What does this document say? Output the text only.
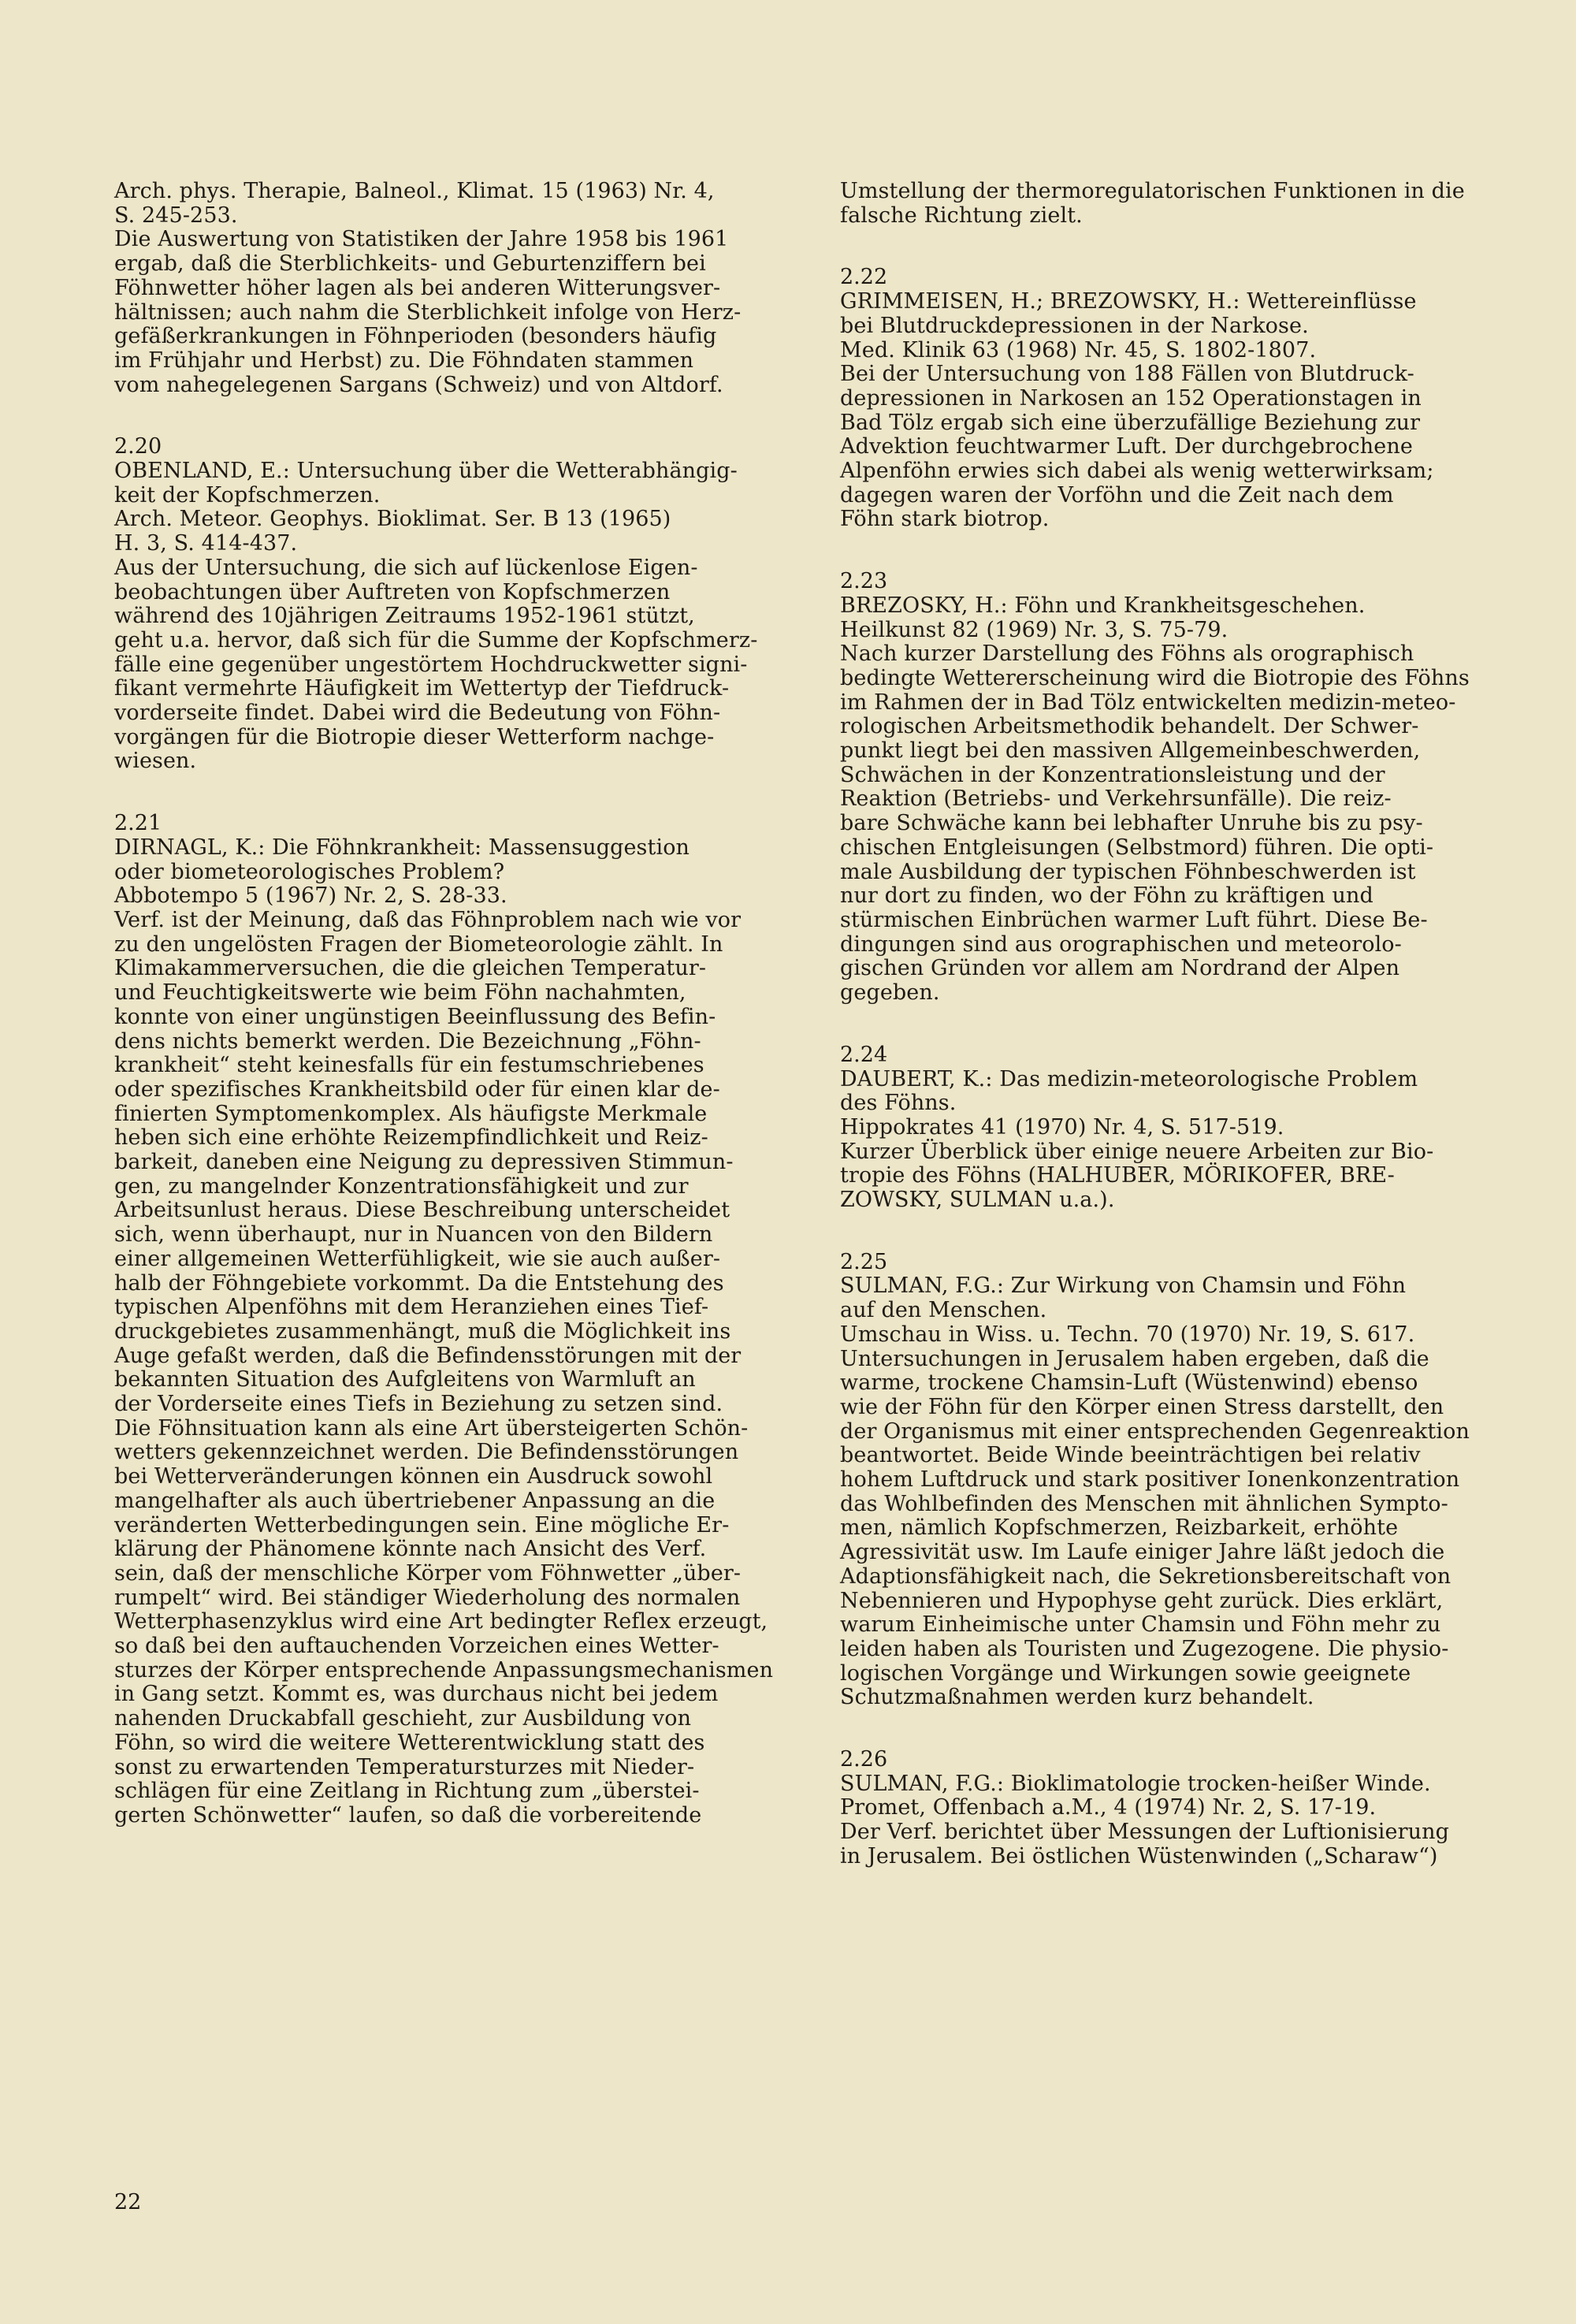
Arch. phys. Therapie, Balneol., Klimat. 15 (1963) Nr. 4,
S. 245-253.
Die Auswertung von Statistiken der Jahre 1958 bis 1961
ergab, daß die Sterblichkeits- und Geburtenziffern bei
Föhnwetter höher lagen als bei anderen Witterungsver-
hältnissen; auch nahm die Sterblichkeit infolge von Herz-
gefäßerkrankungen in Föhnperioden (besonders häufig
im Frühjahr und Herbst) zu. Die Föhndaten stammen
vom nahegelegenen Sargans (Schweiz) und von Altdorf.
2.20
OBENLAND, E.: Untersuchung über die Wetterabhängig-
keit der Kopfschmerzen.
Arch. Meteor. Geophys. Bioklimat. Ser. B 13 (1965)
H. 3, S. 414-437.
Aus der Untersuchung, die sich auf lückenlose Eigen-
beobachtungen über Auftreten von Kopfschmerzen
während des 10jährigen Zeitraums 1952-1961 stützt,
geht u.a. hervor, daß sich für die Summe der Kopfschmerz-
fälle eine gegenüber ungestörtem Hochdruckwetter signi-
fikant vermehrte Häufigkeit im Wettertyp der Tiefdruck-
vorderseite findet. Dabei wird die Bedeutung von Föhn-
vorgängen für die Biotropie dieser Wetterform nachge-
wiesen.
2.21
DIRNAGL, K.: Die Föhnkrankheit: Massensuggestion
oder biometeorologisches Problem?
Abbotempo 5 (1967) Nr. 2, S. 28-33.
Verf. ist der Meinung, daß das Föhnproblem nach wie vor
zu den ungelösten Fragen der Biometeorologie zählt. In
Klimakammerversuchen, die die gleichen Temperatur-
und Feuchtigkeitswerte wie beim Föhn nachahmten,
konnte von einer ungünstigen Beeinflussung des Befin-
dens nichts bemerkt werden. Die Bezeichnung „Föhn-
krankheit“ steht keinesfalls für ein festumschriebenes
oder spezifisches Krankheitsbild oder für einen klar de-
finierten Symptomenkomplex. Als häufigste Merkmale
heben sich eine erhöhte Reizempfindlichkeit und Reiz-
barkeit, daneben eine Neigung zu depressiven Stimmun-
gen, zu mangelnder Konzentrationsfähigkeit und zur
Arbeitsunlust heraus. Diese Beschreibung unterscheidet
sich, wenn überhaupt, nur in Nuancen von den Bildern
einer allgemeinen Wetterfühligkeit, wie sie auch außer-
halb der Föhngebiete vorkommt. Da die Entstehung des
typischen Alpenföhns mit dem Heranziehen eines Tief-
druckgebietes zusammenhängt, muß die Möglichkeit ins
Auge gefaßt werden, daß die Befindensstörungen mit der
bekannten Situation des Aufgleitens von Warmluft an
der Vorderseite eines Tiefs in Beziehung zu setzen sind.
Die Föhnsituation kann als eine Art übersteigerten Schön-
wetters gekennzeichnet werden. Die Befindensstörungen
bei Wetterveränderungen können ein Ausdruck sowohl
mangelhafter als auch übertriebener Anpassung an die
veränderten Wetterbedingungen sein. Eine mögliche Er-
klärung der Phänomene könnte nach Ansicht des Verf.
sein, daß der menschliche Körper vom Föhnwetter „über-
rumpelt“ wird. Bei ständiger Wiederholung des normalen
Wetterphasenzyklus wird eine Art bedingter Reflex erzeugt,
so daß bei den auftauchenden Vorzeichen eines Wetter-
sturzes der Körper entsprechende Anpassungsmechanismen
in Gang setzt. Kommt es, was durchaus nicht bei jedem
nahenden Druckabfall geschieht, zur Ausbildung von
Föhn, so wird die weitere Wetterentwicklung statt des
sonst zu erwartenden Temperatursturzes mit Nieder-
schlägen für eine Zeitlang in Richtung zum „überstei-
gerten Schönwetter“ laufen, so daß die vorbereitende
Umstellung der thermoregulatorischen Funktionen in die
falsche Richtung zielt.
2.22
GRIMMEISEN, H.; BREZOWSKY, H.: Wettereinflüsse
bei Blutdruckdepressionen in der Narkose.
Med. Klinik 63 (1968) Nr. 45, S. 1802-1807.
Bei der Untersuchung von 188 Fällen von Blutdruck-
depressionen in Narkosen an 152 Operationstagen in
Bad Tölz ergab sich eine überzufällige Beziehung zur
Advektion feuchtwarmer Luft. Der durchgebrochene
Alpenföhn erwies sich dabei als wenig wetterwirksam;
dagegen waren der Vorföhn und die Zeit nach dem
Föhn stark biotrop.
2.23
BREZOSKY, H.: Föhn und Krankheitsgeschehen.
Heilkunst 82 (1969) Nr. 3, S. 75-79.
Nach kurzer Darstellung des Föhns als orographisch
bedingte Wettererscheinung wird die Biotropie des Föhns
im Rahmen der in Bad Tölz entwickelten medizin-meteo-
rologischen Arbeitsmethodik behandelt. Der Schwer-
punkt liegt bei den massiven Allgemeinbeschwerden,
Schwächen in der Konzentrationsleistung und der
Reaktion (Betriebs- und Verkehrsunfälle). Die reiz-
bare Schwäche kann bei lebhafter Unruhe bis zu psy-
chischen Entgleisungen (Selbstmord) führen. Die opti-
male Ausbildung der typischen Föhnbeschwerden ist
nur dort zu finden, wo der Föhn zu kräftigen und
stürmischen Einbrüchen warmer Luft führt. Diese Be-
dingungen sind aus orographischen und meteorolo-
gischen Gründen vor allem am Nordrand der Alpen
gegeben.
2.24
DAUBERT, K.: Das medizin-meteorologische Problem
des Föhns.
Hippokrates 41 (1970) Nr. 4, S. 517-519.
Kurzer Überblick über einige neuere Arbeiten zur Bio-
tropie des Föhns (HALHUBER, MÖRIKOFER, BRE-
ZOWSKY, SULMAN u.a.).
2.25
SULMAN, F.G.: Zur Wirkung von Chamsin und Föhn
auf den Menschen.
Umschau in Wiss. u. Techn. 70 (1970) Nr. 19, S. 617.
Untersuchungen in Jerusalem haben ergeben, daß die
warme, trockene Chamsin-Luft (Wüstenwind) ebenso
wie der Föhn für den Körper einen Stress darstellt, den
der Organismus mit einer entsprechenden Gegenreaktion
beantwortet. Beide Winde beeinträchtigen bei relativ
hohem Luftdruck und stark positiver Ionenkonzentration
das Wohlbefinden des Menschen mit ähnlichen Sympto-
men, nämlich Kopfschmerzen, Reizbarkeit, erhöhte
Agressivität usw. Im Laufe einiger Jahre läßt jedoch die
Adaptionsfähigkeit nach, die Sekretionsbereitschaft von
Nebennieren und Hypophyse geht zurück. Dies erklärt,
warum Einheimische unter Chamsin und Föhn mehr zu
leiden haben als Touristen und Zugezogene. Die physio-
logischen Vorgänge und Wirkungen sowie geeignete
Schutzmaßnahmen werden kurz behandelt.
2.26
SULMAN, F.G.: Bioklimatologie trocken-heißer Winde.
Promet, Offenbach a.M., 4 (1974) Nr. 2, S. 17-19.
Der Verf. berichtet über Messungen der Luftionisierung
in Jerusalem. Bei östlichen Wüstenwinden („Scharaw“)
22
